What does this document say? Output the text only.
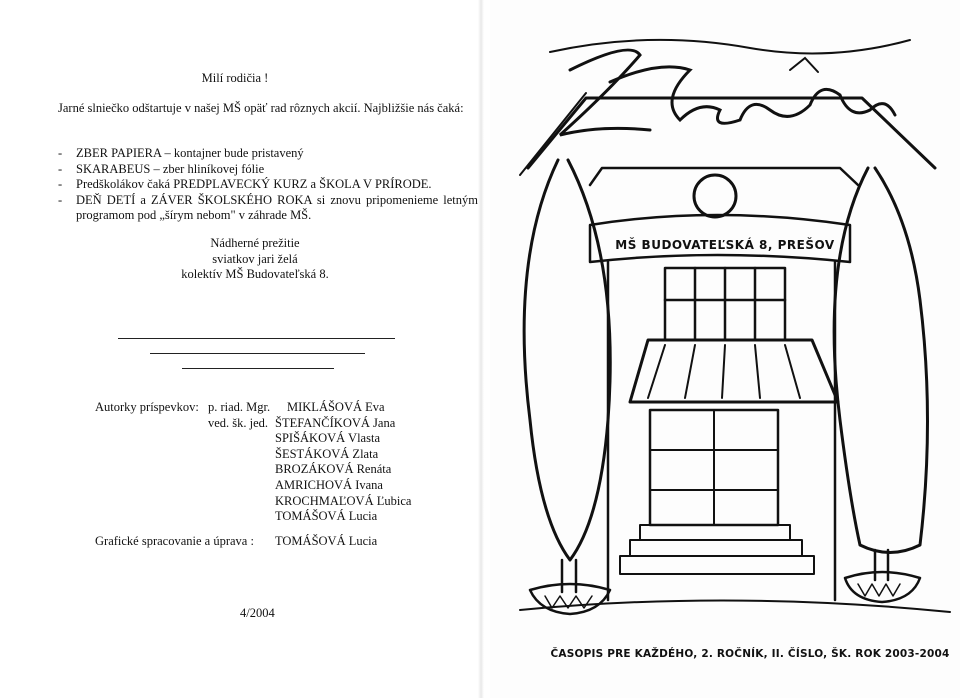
Milí rodičia !
Jarné slniečko odštartuje v našej MŠ opäť rad rôznych akcií. Najbližšie nás čaká:
- ZBER PAPIERA – kontajner bude pristavený
- SKARABEUS – zber hliníkovej fólie
- Predškolákov čaká PREDPLAVECKÝ KURZ a ŠKOLA V PRÍRODE.
- DEŇ DETÍ a ZÁVER ŠKOLSKÉHO ROKA si znovu pripomenieme letným programom pod „šírym nebom" v záhrade MŠ.
Nádherné prežitie
sviatkov jari želá
kolektív MŠ Budovateľská 8.
Autorky príspevkov: p. riad. Mgr.
ved. šk. jed.
MIKLÁŠOVÁ Eva
ŠTEFANČÍKOVÁ Jana
SPIŠÁKOVÁ Vlasta
ŠESTÁKOVÁ Zlata
BROZÁKOVÁ Renáta
AMRICHOVÁ Ivana
KROCHMAĽOVÁ Ľubica
TOMÁŠOVÁ Lucia
Grafické spracovanie a úprava : TOMÁŠOVÁ Lucia
4/2004
MŠ BUDOVATEĽSKÁ 8, PREŠOV
ČASOPIS PRE KAŽDÉHO, 2. ROČNÍK, II. ČÍSLO, ŠK. ROK 2003-2004
